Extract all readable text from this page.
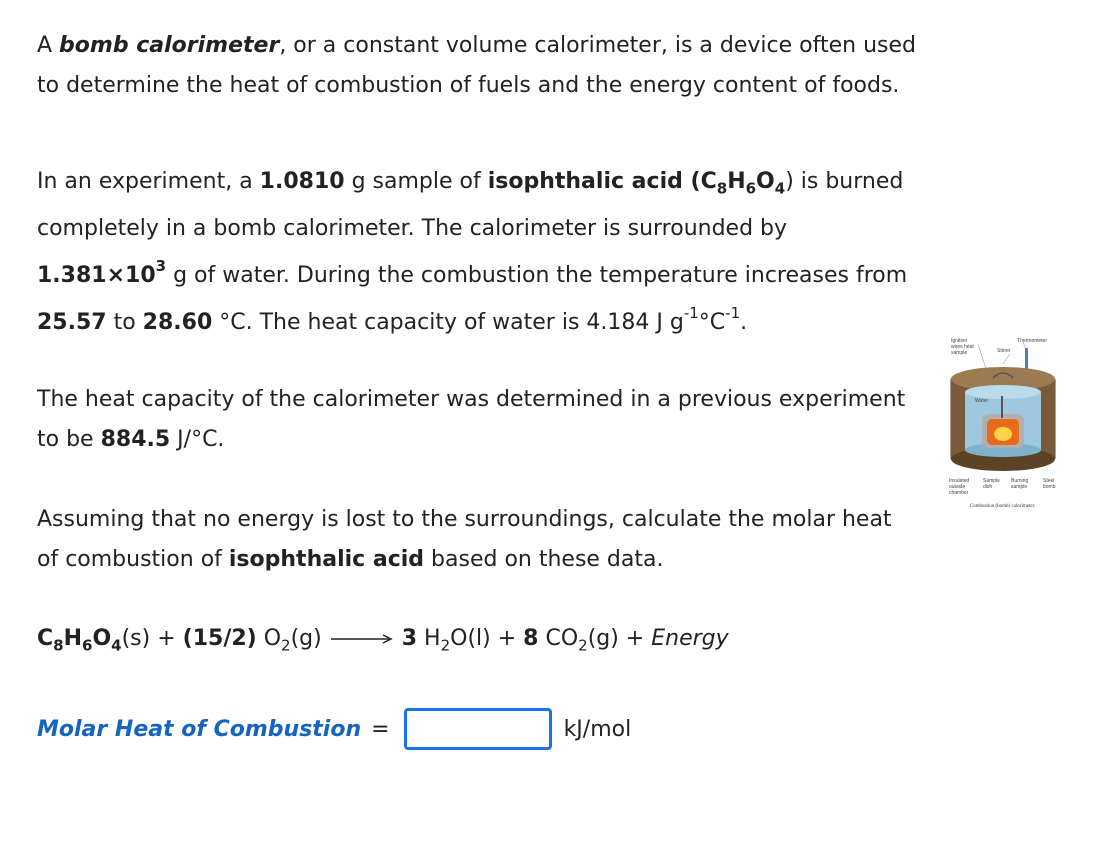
A bomb calorimeter, or a constant volume calorimeter, is a device often used to determine the heat of combustion of fuels and the energy content of foods.

In an experiment, a 1.0810 g sample of isophthalic acid $(C_8H_6O_4)$ is burned completely in a bomb calorimeter. The calorimeter is surrounded by $1.381\times 10^3$ g of water. During the combustion the temperature increases from 25.57 to 28.60 °C. The heat capacity of water is 4.184 J $g^{-1}^\circ C^{-1}$.

The heat capacity of the calorimeter was determined in a previous experiment to be 884.5 J/°C.

Assuming that no energy is lost to the surroundings, calculate the molar heat of combustion of isophthalic acid based on these data.

$C_8H_6O_4(s) + (15/2) O_2(g) \to 3$ $H_2O(l) + 8$ $CO_2(g)$ + Energy

Molar Heat of Combustion =	kJ/mol
Ignition wires heat sample
Thermometer
Stirrer
Water
Insulated outside chamber
Sample dish
Burning sample
Steel bomb
Combustion (bomb) calorimeter.
